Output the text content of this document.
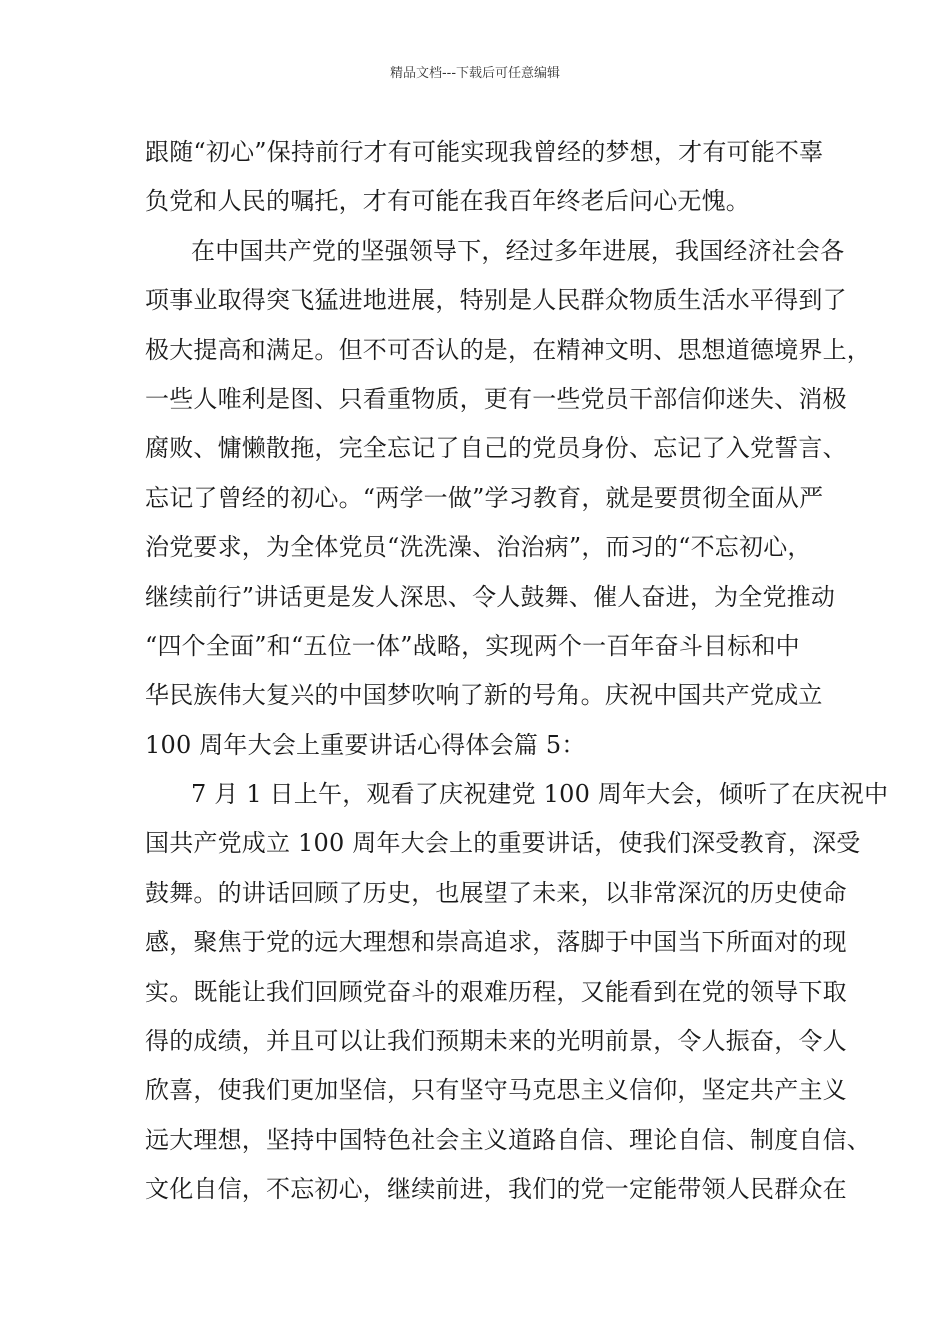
精品文档---下载后可任意编辑
跟随“初心”保持前行才有可能实现我曾经的梦想，才有可能不辜
负党和人民的嘱托，才有可能在我百年终老后问心无愧。
在中国共产党的坚强领导下，经过多年进展，我国经济社会各
项事业取得突飞猛进地进展，特别是人民群众物质生活水平得到了
极大提高和满足。但不可否认的是，在精神文明、思想道德境界上，
一些人唯利是图、只看重物质，更有一些党员干部信仰迷失、消极
腐败、慵懒散拖，完全忘记了自己的党员身份、忘记了入党誓言、
忘记了曾经的初心。“两学一做”学习教育，就是要贯彻全面从严
治党要求，为全体党员“洗洗澡、治治病”，而习的“不忘初心，
继续前行”讲话更是发人深思、令人鼓舞、催人奋进，为全党推动
“四个全面”和“五位一体”战略，实现两个一百年奋斗目标和中
华民族伟大复兴的中国梦吹响了新的号角。庆祝中国共产党成立
100 周年大会上重要讲话心得体会篇 5：
7 月 1 日上午，观看了庆祝建党 100 周年大会，倾听了在庆祝中
国共产党成立 100 周年大会上的重要讲话，使我们深受教育，深受
鼓舞。的讲话回顾了历史，也展望了未来，以非常深沉的历史使命
感，聚焦于党的远大理想和崇高追求，落脚于中国当下所面对的现
实。既能让我们回顾党奋斗的艰难历程，又能看到在党的领导下取
得的成绩，并且可以让我们预期未来的光明前景，令人振奋，令人
欣喜，使我们更加坚信，只有坚守马克思主义信仰，坚定共产主义
远大理想，坚持中国特色社会主义道路自信、理论自信、制度自信、
文化自信，不忘初心，继续前进，我们的党一定能带领人民群众在
